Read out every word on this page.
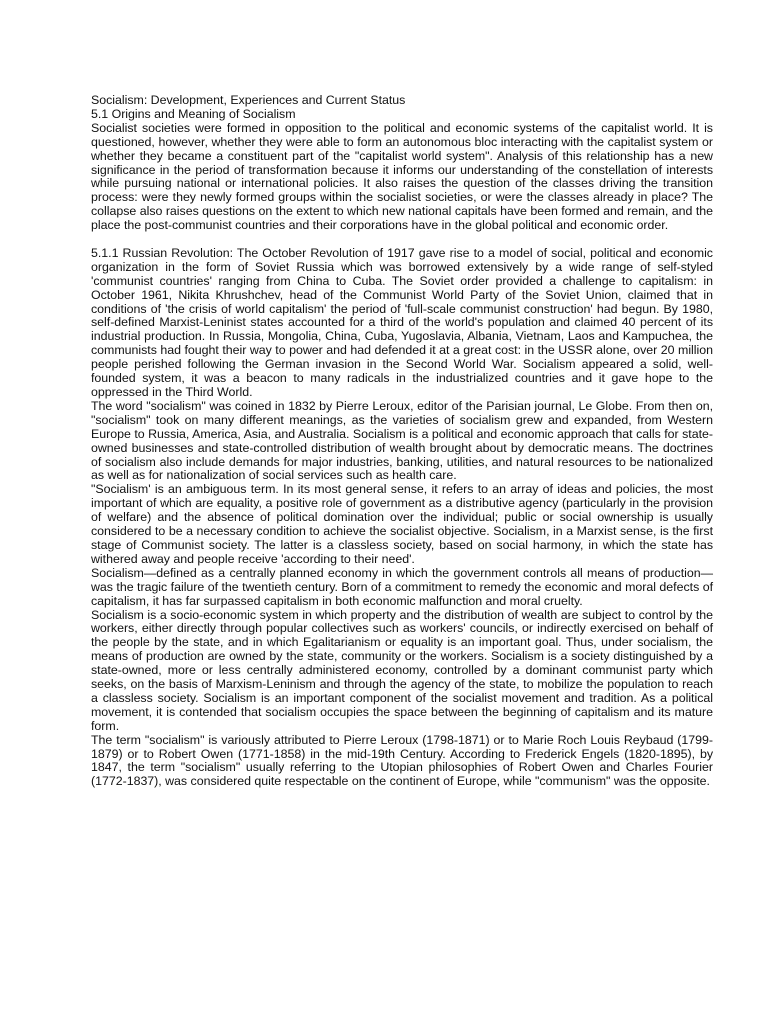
Socialism: Development, Experiences and Current Status
5.1 Origins and Meaning of Socialism

Socialist societies were formed in opposition to the political and economic systems of the capitalist world. It is questioned, however, whether they were able to form an autonomous bloc interacting with the capitalist system or whether they became a constituent part of the "capitalist world system". Analysis of this relationship has a new significance in the period of transformation because it informs our understanding of the constellation of interests while pursuing national or international policies. It also raises the question of the classes driving the transition process: were they newly formed groups within the socialist societies, or were the classes already in place? The collapse also raises questions on the extent to which new national capitals have been formed and remain, and the place the post-communist countries and their corporations have in the global political and economic order.

5.1.1 Russian Revolution: The October Revolution of 1917 gave rise to a model of social, political and economic organization in the form of Soviet Russia which was borrowed extensively by a wide range of self-styled 'communist countries' ranging from China to Cuba. The Soviet order provided a challenge to capitalism: in October 1961, Nikita Khrushchev, head of the Communist World Party of the Soviet Union, claimed that in conditions of 'the crisis of world capitalism' the period of 'full-scale communist construction' had begun. By 1980, self-defined Marxist-Leninist states accounted for a third of the world's population and claimed 40 percent of its industrial production. In Russia, Mongolia, China, Cuba, Yugoslavia, Albania, Vietnam, Laos and Kampuchea, the communists had fought their way to power and had defended it at a great cost: in the USSR alone, over 20 million people perished following the German invasion in the Second World War. Socialism appeared a solid, well-founded system, it was a beacon to many radicals in the industrialized countries and it gave hope to the oppressed in the Third World.

The word "socialism" was coined in 1832 by Pierre Leroux, editor of the Parisian journal, Le Globe. From then on, "socialism" took on many different meanings, as the varieties of socialism grew and expanded, from Western Europe to Russia, America, Asia, and Australia. Socialism is a political and economic approach that calls for state-owned businesses and state-controlled distribution of wealth brought about by democratic means. The doctrines of socialism also include demands for major industries, banking, utilities, and natural resources to be nationalized as well as for nationalization of social services such as health care.

"Socialism' is an ambiguous term. In its most general sense, it refers to an array of ideas and policies, the most important of which are equality, a positive role of government as a distributive agency (particularly in the provision of welfare) and the absence of political domination over the individual; public or social ownership is usually considered to be a necessary condition to achieve the socialist objective. Socialism, in a Marxist sense, is the first stage of Communist society. The latter is a classless society, based on social harmony, in which the state has withered away and people receive 'according to their need'.

Socialism—defined as a centrally planned economy in which the government controls all means of production—was the tragic failure of the twentieth century. Born of a commitment to remedy the economic and moral defects of capitalism, it has far surpassed capitalism in both economic malfunction and moral cruelty.

Socialism is a socio-economic system in which property and the distribution of wealth are subject to control by the workers, either directly through popular collectives such as workers' councils, or indirectly exercised on behalf of the people by the state, and in which Egalitarianism or equality is an important goal. Thus, under socialism, the means of production are owned by the state, community or the workers. Socialism is a society distinguished by a state-owned, more or less centrally administered economy, controlled by a dominant communist party which seeks, on the basis of Marxism-Leninism and through the agency of the state, to mobilize the population to reach a classless society. Socialism is an important component of the socialist movement and tradition. As a political movement, it is contended that socialism occupies the space between the beginning of capitalism and its mature form.

The term "socialism" is variously attributed to Pierre Leroux (1798-1871) or to Marie Roch Louis Reybaud (1799-1879) or to Robert Owen (1771-1858) in the mid-19th Century. According to Frederick Engels (1820-1895), by 1847, the term "socialism" usually referring to the Utopian philosophies of Robert Owen and Charles Fourier (1772-1837), was considered quite respectable on the continent of Europe, while "communism" was the opposite.
